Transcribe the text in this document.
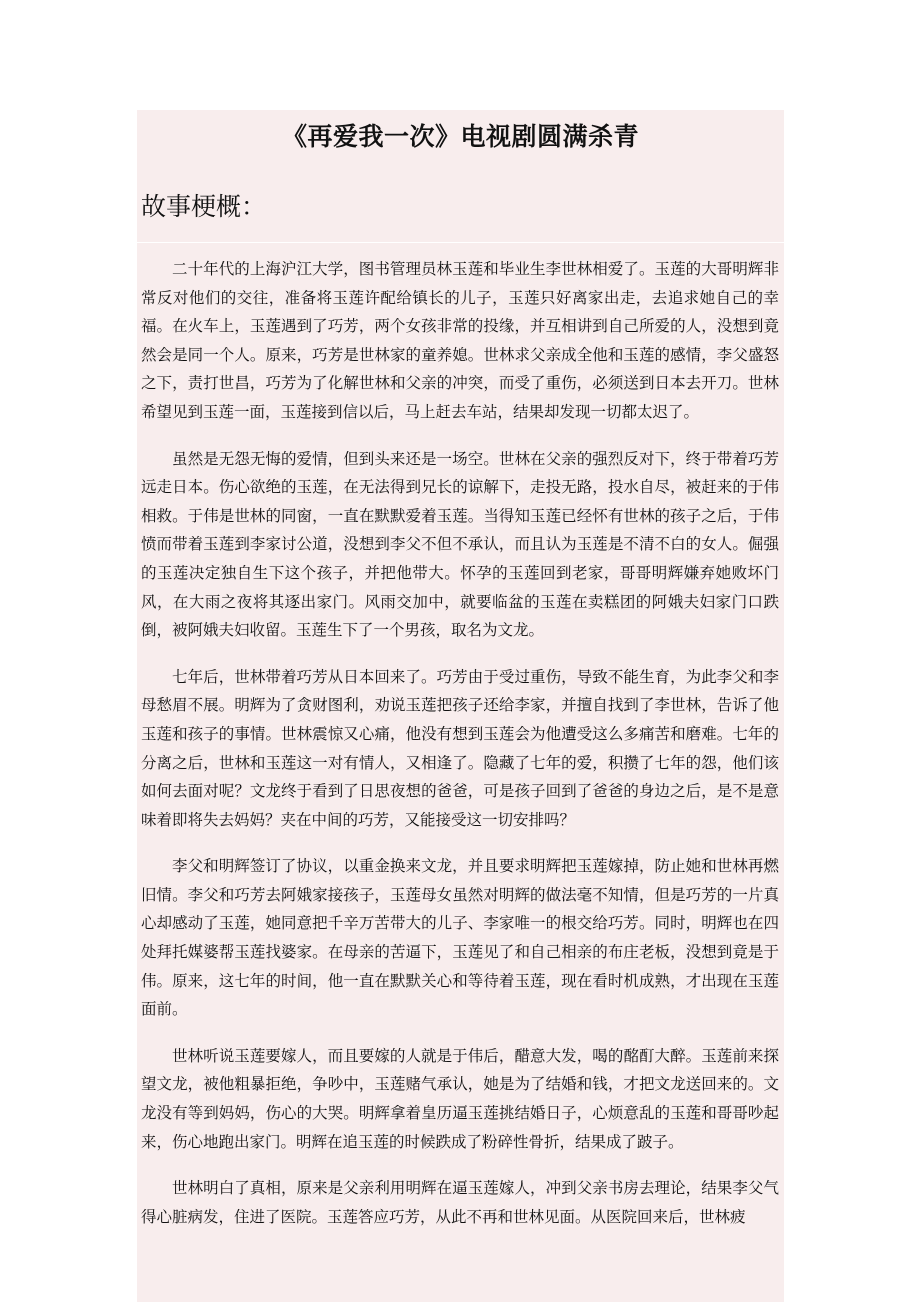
《再爱我一次》电视剧圆满杀青
故事梗概：

二十年代的上海沪江大学，图书管理员林玉莲和毕业生李世林相爱了。玉莲的大哥明辉非常反对他们的交往，准备将玉莲许配给镇长的儿子，玉莲只好离家出走，去追求她自己的幸福。在火车上，玉莲遇到了巧芳，两个女孩非常的投缘，并互相讲到自己所爱的人，没想到竟然会是同一个人。原来，巧芳是世林家的童养媳。世林求父亲成全他和玉莲的感情，李父盛怒之下，责打世昌，巧芳为了化解世林和父亲的冲突，而受了重伤，必须送到日本去开刀。世林希望见到玉莲一面，玉莲接到信以后，马上赶去车站，结果却发现一切都太迟了。

虽然是无怨无悔的爱情，但到头来还是一场空。世林在父亲的强烈反对下，终于带着巧芳远走日本。伤心欲绝的玉莲，在无法得到兄长的谅解下，走投无路，投水自尽，被赶来的于伟相救。于伟是世林的同窗，一直在默默爱着玉莲。当得知玉莲已经怀有世林的孩子之后，于伟愤而带着玉莲到李家讨公道，没想到李父不但不承认，而且认为玉莲是不清不白的女人。倔强的玉莲决定独自生下这个孩子，并把他带大。怀孕的玉莲回到老家，哥哥明辉嫌弃她败坏门风，在大雨之夜将其逐出家门。风雨交加中，就要临盆的玉莲在卖糕团的阿娥夫妇家门口跌倒，被阿娥夫妇收留。玉莲生下了一个男孩，取名为文龙。

七年后，世林带着巧芳从日本回来了。巧芳由于受过重伤，导致不能生育，为此李父和李母愁眉不展。明辉为了贪财图利，劝说玉莲把孩子还给李家，并擅自找到了李世林，告诉了他玉莲和孩子的事情。世林震惊又心痛，他没有想到玉莲会为他遭受这么多痛苦和磨难。七年的分离之后，世林和玉莲这一对有情人，又相逢了。隐藏了七年的爱，积攒了七年的怨，他们该如何去面对呢？文龙终于看到了日思夜想的爸爸，可是孩子回到了爸爸的身边之后，是不是意味着即将失去妈妈？夹在中间的巧芳，又能接受这一切安排吗？

李父和明辉签订了协议，以重金换来文龙，并且要求明辉把玉莲嫁掉，防止她和世林再燃旧情。李父和巧芳去阿娥家接孩子，玉莲母女虽然对明辉的做法毫不知情，但是巧芳的一片真心却感动了玉莲，她同意把千辛万苦带大的儿子、李家唯一的根交给巧芳。同时，明辉也在四处拜托媒婆帮玉莲找婆家。在母亲的苦逼下，玉莲见了和自己相亲的布庄老板，没想到竟是于伟。原来，这七年的时间，他一直在默默关心和等待着玉莲，现在看时机成熟，才出现在玉莲面前。

世林听说玉莲要嫁人，而且要嫁的人就是于伟后，醋意大发，喝的酩酊大醉。玉莲前来探望文龙，被他粗暴拒绝，争吵中，玉莲赌气承认，她是为了结婚和钱，才把文龙送回来的。文龙没有等到妈妈，伤心的大哭。明辉拿着皇历逼玉莲挑结婚日子，心烦意乱的玉莲和哥哥吵起来，伤心地跑出家门。明辉在追玉莲的时候跌成了粉碎性骨折，结果成了跛子。

世林明白了真相，原来是父亲利用明辉在逼玉莲嫁人，冲到父亲书房去理论，结果李父气得心脏病发，住进了医院。玉莲答应巧芳，从此不再和世林见面。从医院回来后，世林疲
